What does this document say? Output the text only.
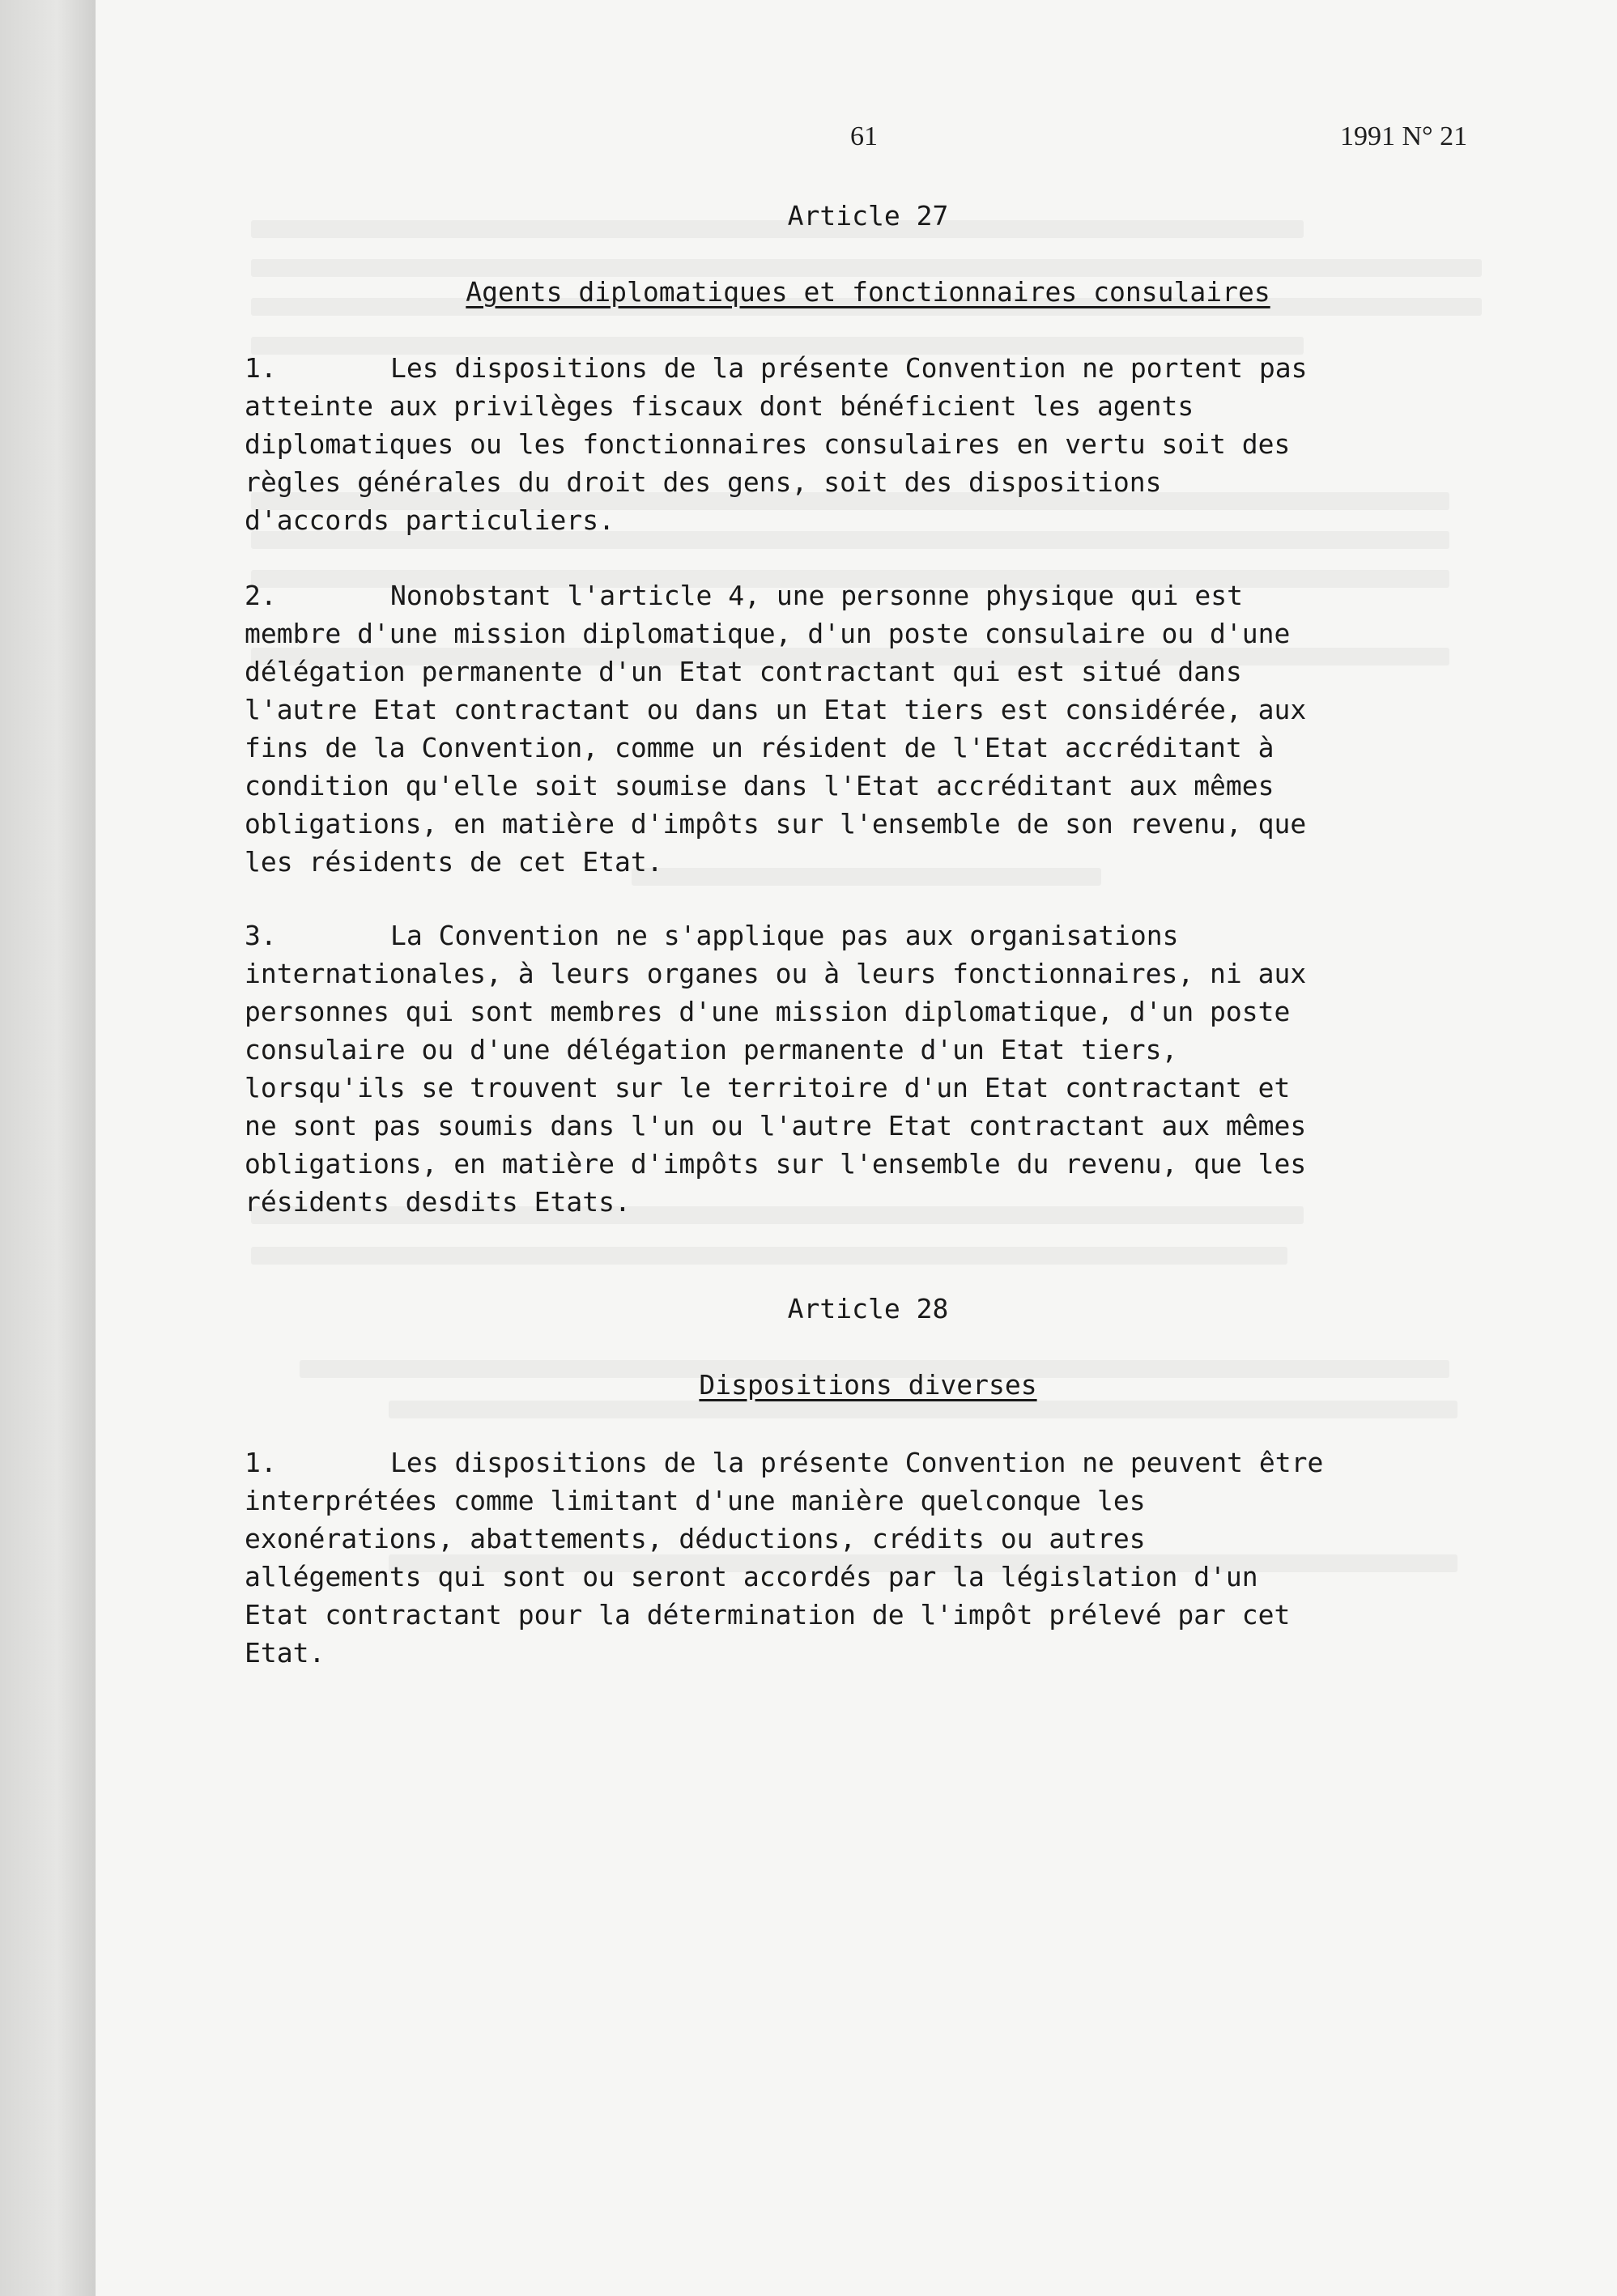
61	1991 N° 21
Article 27
Agents diplomatiques et fonctionnaires consulaires
1.	Les dispositions de la présente Convention ne portent pas
atteinte aux privilèges fiscaux dont bénéficient les agents
diplomatiques ou les fonctionnaires consulaires en vertu soit des
règles générales du droit des gens, soit des dispositions
d'accords particuliers.
2.	Nonobstant l'article 4, une personne physique qui est
membre d'une mission diplomatique, d'un poste consulaire ou d'une
délégation permanente d'un Etat contractant qui est situé dans
l'autre Etat contractant ou dans un Etat tiers est considérée, aux
fins de la Convention, comme un résident de l'Etat accréditant à
condition qu'elle soit soumise dans l'Etat accréditant aux mêmes
obligations, en matière d'impôts sur l'ensemble de son revenu, que
les résidents de cet Etat.
3.	La Convention ne s'applique pas aux organisations
internationales, à leurs organes ou à leurs fonctionnaires, ni aux
personnes qui sont membres d'une mission diplomatique, d'un poste
consulaire ou d'une délégation permanente d'un Etat tiers,
lorsqu'ils se trouvent sur le territoire d'un Etat contractant et
ne sont pas soumis dans l'un ou l'autre Etat contractant aux mêmes
obligations, en matière d'impôts sur l'ensemble du revenu, que les
résidents desdits Etats.
Article 28
Dispositions diverses
1.	Les dispositions de la présente Convention ne peuvent être
interprétées comme limitant d'une manière quelconque les
exonérations, abattements, déductions, crédits ou autres
allégements qui sont ou seront accordés par la législation d'un
Etat contractant pour la détermination de l'impôt prélevé par cet
Etat.
